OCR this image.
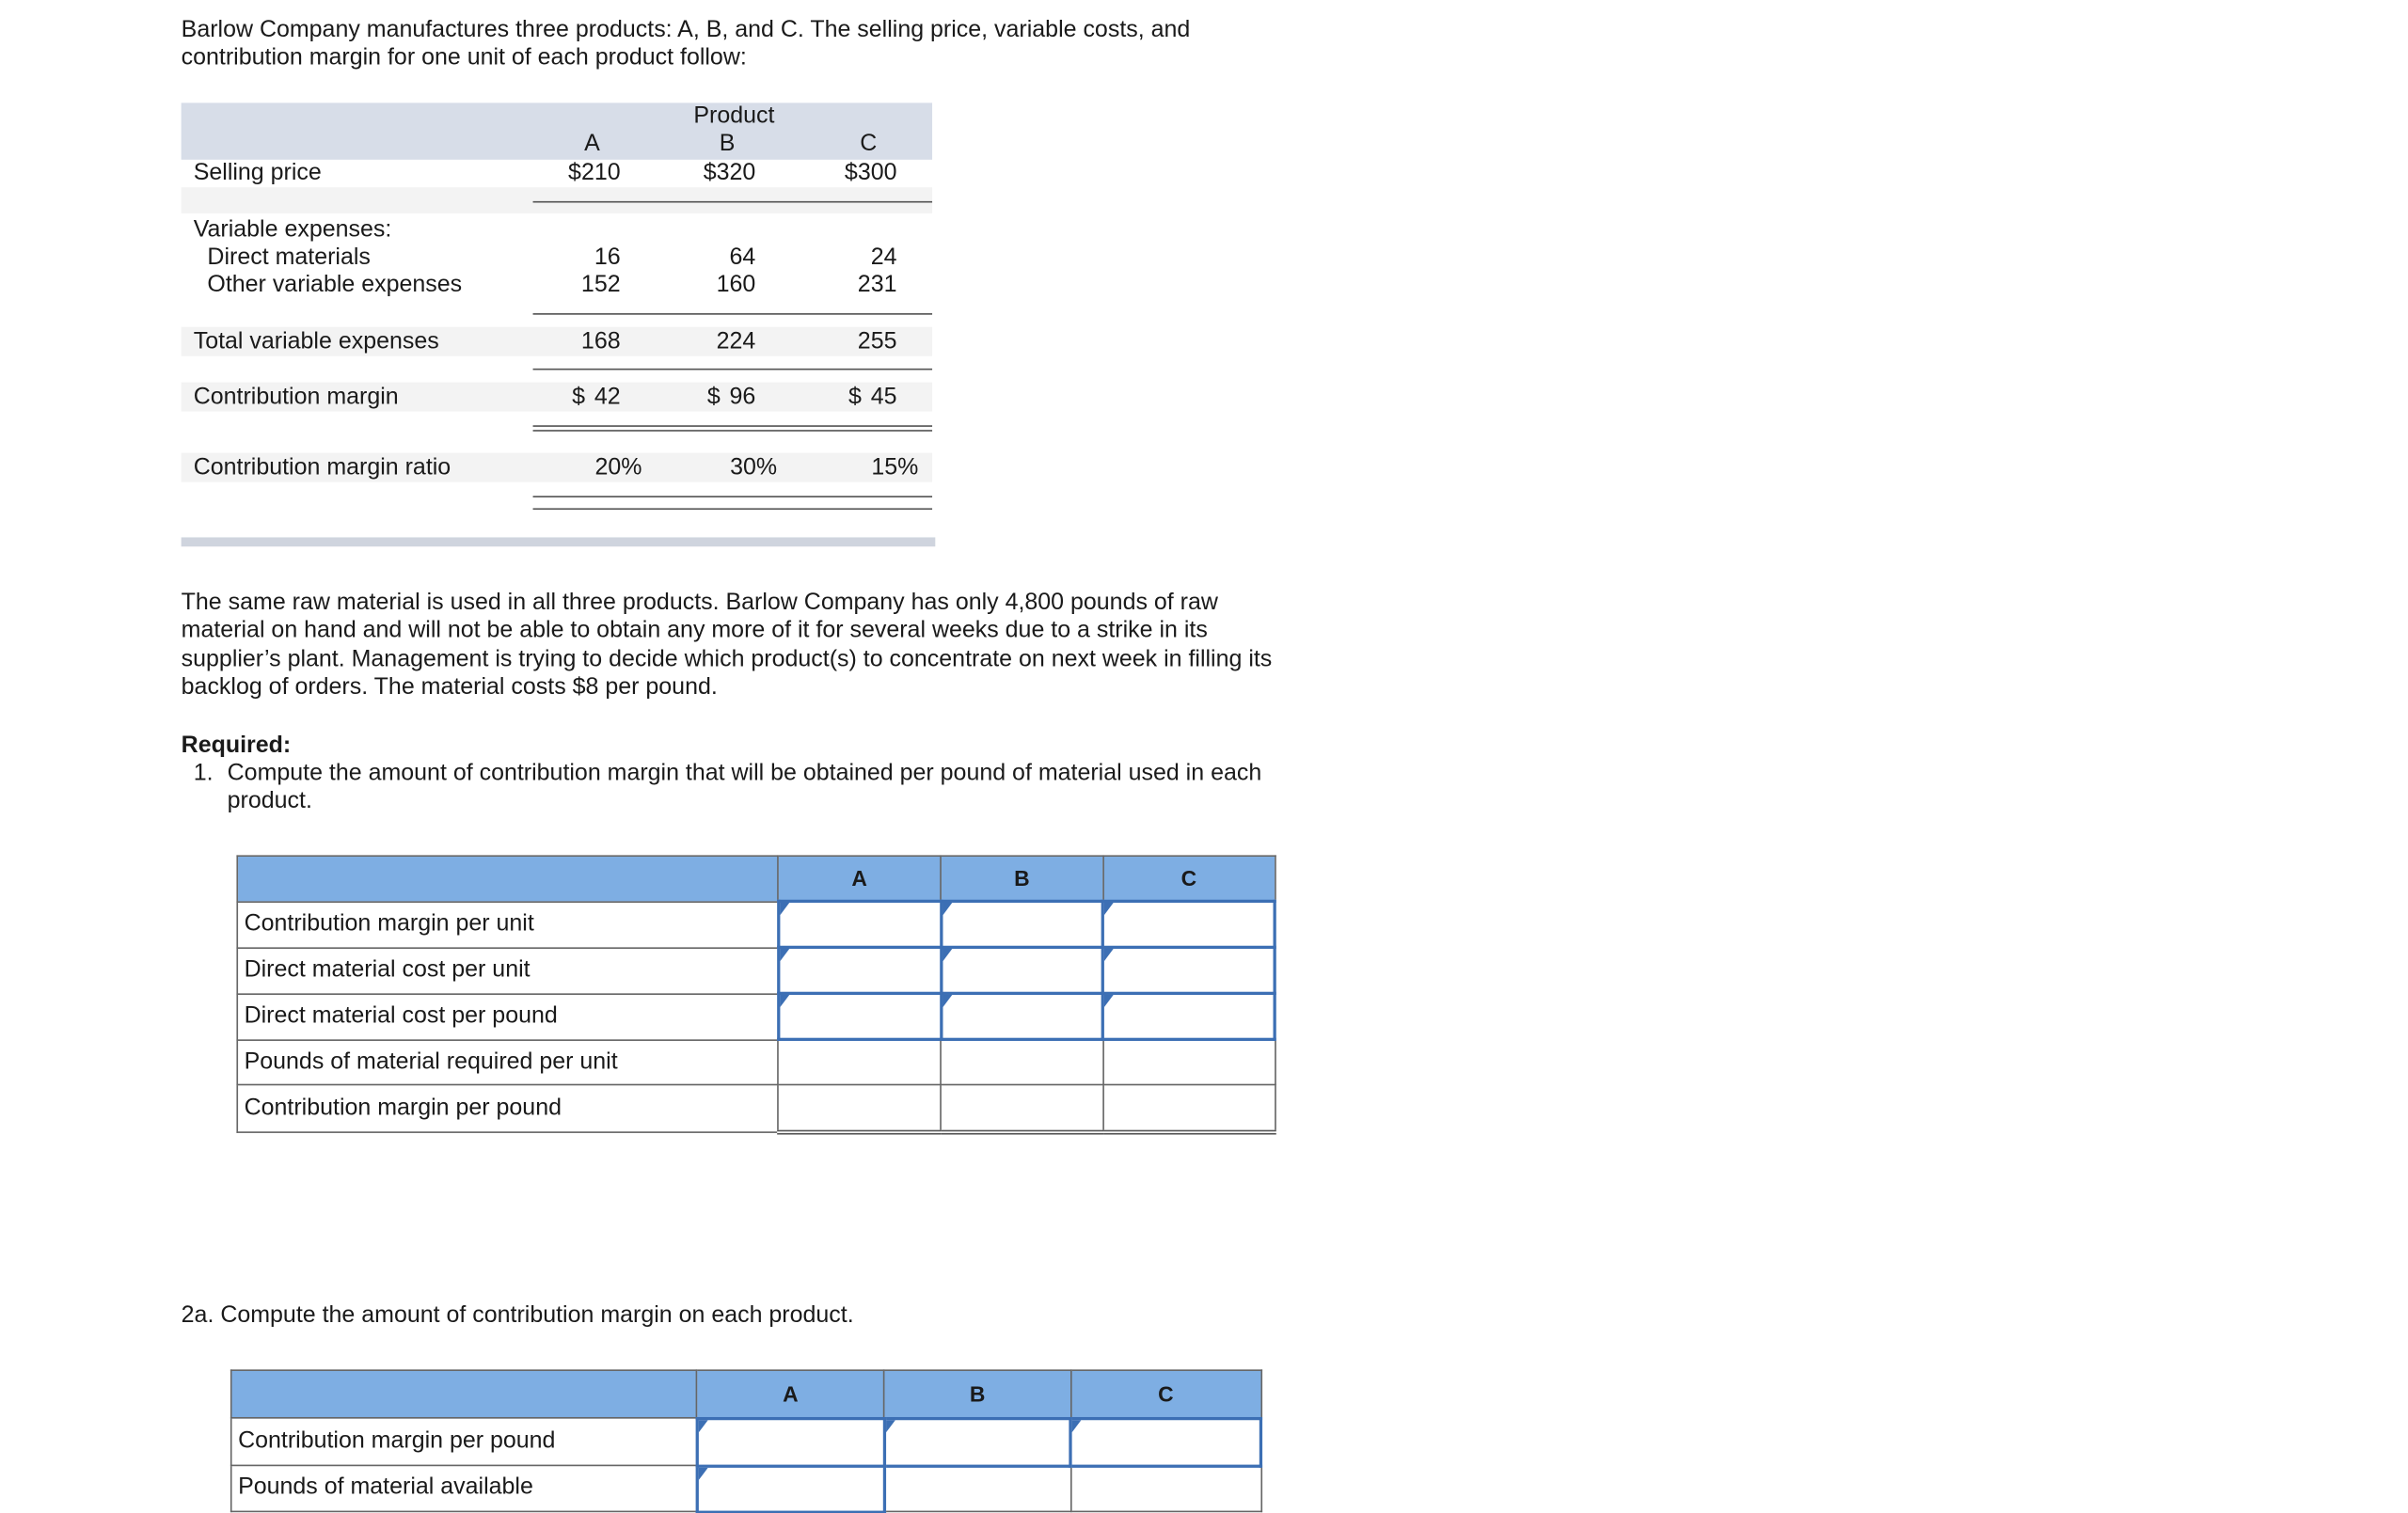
Barlow Company manufactures three products: A, B, and C. The selling price, variable costs, and

contribution margin for one unit of each product follow:

Product
A	B	C
Selling price	$210	$320	$300
Variable expenses:
Direct materials	16	64	24
Other variable expenses	152	160	231
Total variable expenses	168	224	255
Contribution margin	$ 42	$ 96	$ 45
Contribution margin ratio	20%	30%	15%

The same raw material is used in all three products. Barlow Company has only 4,800 pounds of raw

material on hand and will not be able to obtain any more of it for several weeks due to a strike in its

supplier’s plant. Management is trying to decide which product(s) to concentrate on next week in filling its

backlog of orders. The material costs $8 per pound.

Required:

1. Compute the amount of contribution margin that will be obtained per pound of material used in each

product.

	A	B	C
Contribution margin per unit			
Direct material cost per unit			
Direct material cost per pound			
Pounds of material required per unit			
Contribution margin per pound			

2a. Compute the amount of contribution margin on each product.

	A	B	C
Contribution margin per pound			
Pounds of material available			
